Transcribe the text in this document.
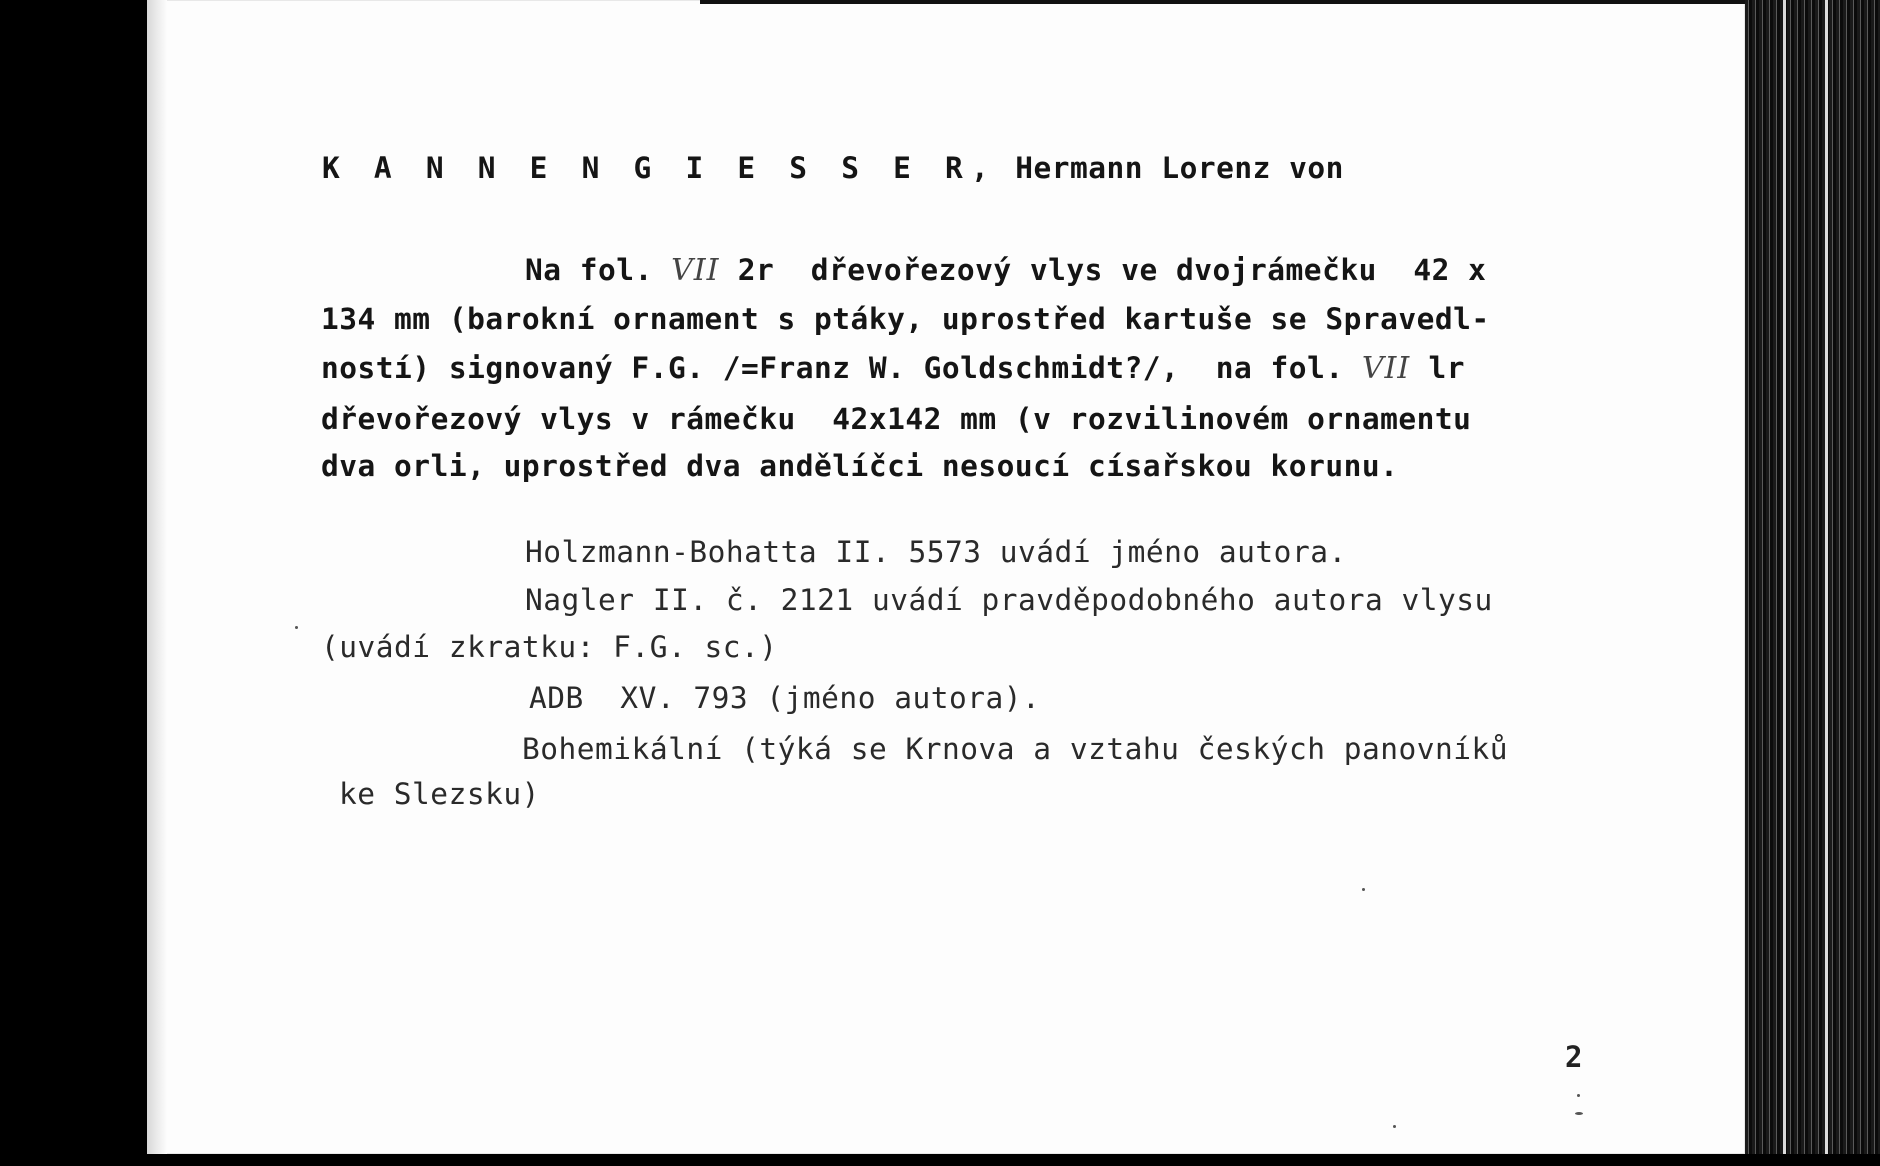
K A N N E N G I E S S E R, Hermann Lorenz von

Na fol. VII 2r  dřevořezový vlys ve dvojrámečku  42 x

134 mm (barokní ornament s ptáky, uprostřed kartuše se Spravedl-

ností) signovaný F.G. /=Franz W. Goldschmidt?/,  na fol. VII lr

dřevořezový vlys v rámečku  42x142 mm (v rozvilinovém ornamentu

dva orli, uprostřed dva andělíčci nesoucí císařskou korunu.

Holzmann-Bohatta II. 5573 uvádí jméno autora.

Nagler II. č. 2121 uvádí pravděpodobného autora vlysu

(uvádí zkratku: F.G. sc.)

ADB  XV. 793 (jméno autora).

Bohemikální (týká se Krnova a vztahu českých panovníků

ke Slezsku)

2
